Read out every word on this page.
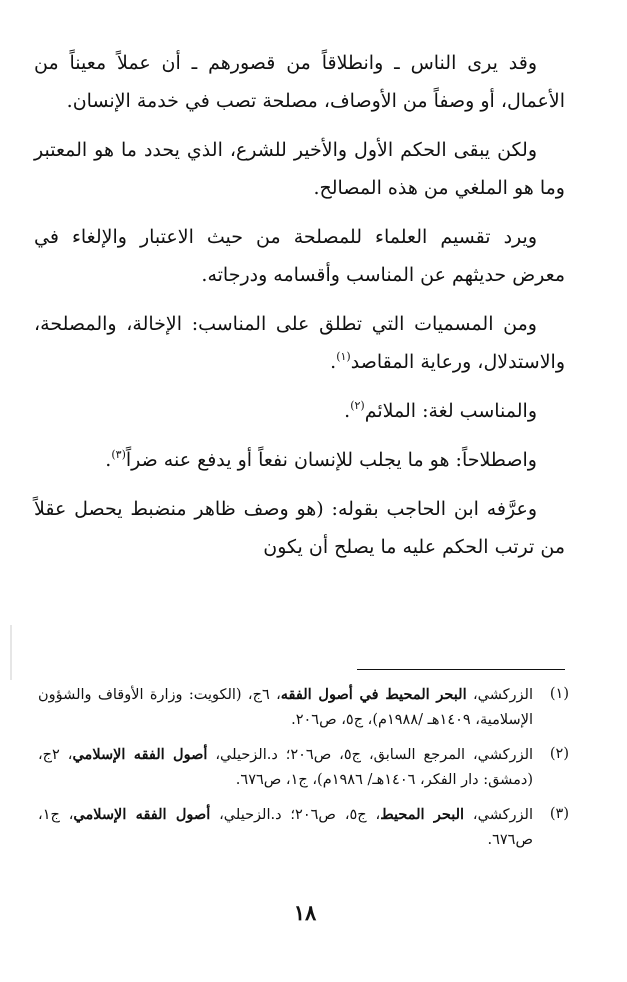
وقد يرى الناس ـ وانطلاقاً من قصورهم ـ أن عملاً معيناً من الأعمال، أو وصفاً من الأوصاف، مصلحة تصب في خدمة الإنسان.

ولكن يبقى الحكم الأول والأخير للشرع، الذي يحدد ما هو المعتبر وما هو الملغي من هذه المصالح.

ويرد تقسيم العلماء للمصلحة من حيث الاعتبار والإلغاء في معرض حديثهم عن المناسب وأقسامه ودرجاته.

ومن المسميات التي تطلق على المناسب: الإخالة، والمصلحة، والاستدلال، ورعاية المقاصد$^{(١)}$.

والمناسب لغة: الملائم$^{(٢)}$.

واصطلاحاً: هو ما يجلب للإنسان نفعاً أو يدفع عنه ضراً$^{(٣)}$.

وعرَّفه ابن الحاجب بقوله: (هو وصف ظاهر منضبط يحصل عقلاً من ترتب الحكم عليه ما يصلح أن يكون

(١)
الزركشي، البحر المحيط في أصول الفقه، ٦ج، (الكويت: وزارة الأوقاف والشؤون الإسلامية، ١٤٠٩هـ /١٩٨٨م)، ج٥، ص٢٠٦.
(٢)
الزركشي، المرجع السابق، ج٥، ص٢٠٦؛ د.الزحيلي، أصول الفقه الإسلامي، ٢ج، (دمشق: دار الفكر، ١٤٠٦هـ/ ١٩٨٦م)، ج١، ص٦٧٦.
(٣)
الزركشي، البحر المحيط، ج٥، ص٢٠٦؛ د.الزحيلي، أصول الفقه الإسلامي، ج١، ص٦٧٦.
١٨
